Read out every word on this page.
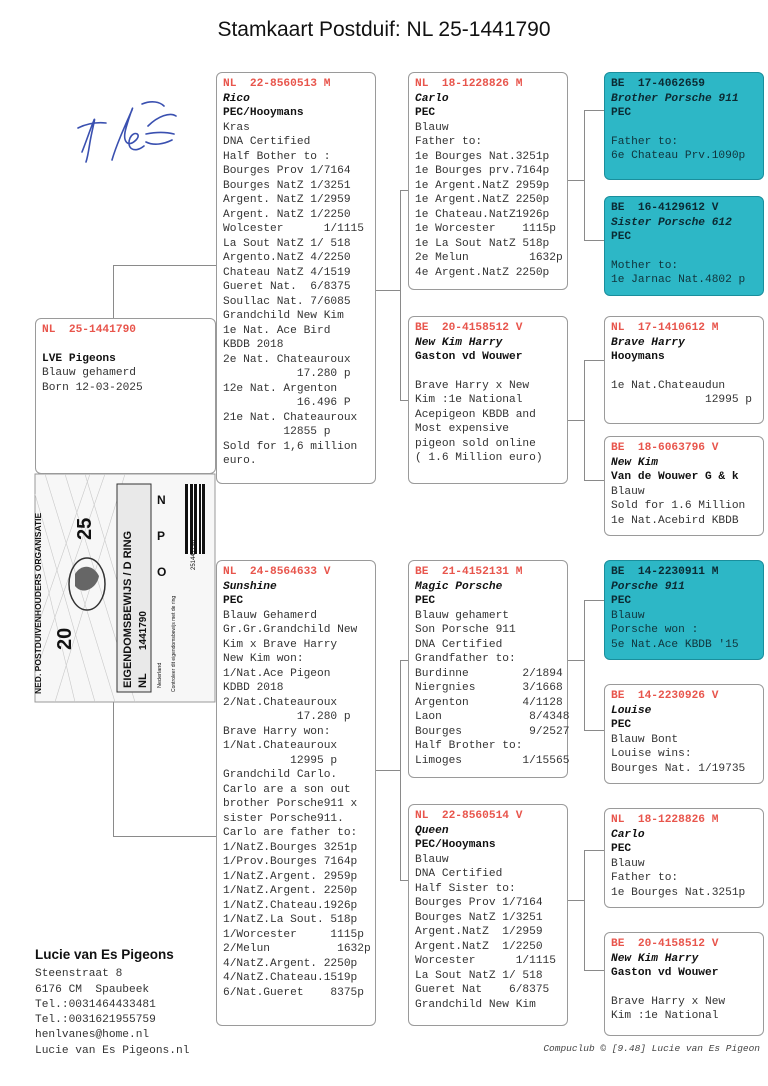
Stamkaart Postduif: NL 25-1441790
Lucie vE
NL  25-1441790
LVE Pigeons
Blauw gehamerd
Born 12-03-2025
NED. POSTDUIVENHOUDERS ORGANISATIE 20
25
EIGENDOMSBEWIJS / D RING NL
1441790
Nederland Controleer dit eigendomsbewijs met de ring
251441790
N
P
O
NL  22-8560513 M
Rico
PEC/Hooymans
Kras
DNA Certified
Half Bother to :
Bourges Prov 1/7164
Bourges NatZ 1/3251
Argent. NatZ 1/2959
Argent. NatZ 1/2250
Wolcester      1/1115
La Sout NatZ 1/ 518
Argento.NatZ 4/2250
Chateau NatZ 4/1519
Gueret Nat.  6/8375
Soullac Nat. 7/6085
Grandchild New Kim
1e Nat. Ace Bird
KBDB 2018
2e Nat. Chateauroux
17.280 p
12e Nat. Argenton
16.496 P
21e Nat. Chateauroux
12855 p
Sold for 1,6 million
euro.
NL  24-8564633 V
Sunshine
PEC
Blauw Gehamerd
Gr.Gr.Grandchild New
Kim x Brave Harry
New Kim won:
1/Nat.Ace Pigeon
KDBD 2018
2/Nat.Chateauroux
17.280 p
Brave Harry won:
1/Nat.Chateauroux
12995 p
Grandchild Carlo.
Carlo are a son out
brother Porsche911 x
sister Porsche911.
Carlo are father to:
1/NatZ.Bourges 3251p
1/Prov.Bourges 7164p
1/NatZ.Argent. 2959p
1/NatZ.Argent. 2250p
1/NatZ.Chateau.1926p
1/NatZ.La Sout. 518p
1/Worcester     1115p
2/Melun          1632p
4/NatZ.Argent. 2250p
4/NatZ.Chateau.1519p
6/Nat.Gueret    8375p
NL  18-1228826 M
Carlo
PEC
Blauw
Father to:
1e Bourges Nat.3251p
1e Bourges prv.7164p
1e Argent.NatZ 2959p
1e Argent.NatZ 2250p
1e Chateau.NatZ1926p
1e Worcester    1115p
1e La Sout NatZ 518p
2e Melun         1632p
4e Argent.NatZ 2250p
BE  20-4158512 V
New Kim Harry
Gaston vd Wouwer
Brave Harry x New
Kim :1e National
Acepigeon KBDB and
Most expensive
pigeon sold online
( 1.6 Million euro)
BE  21-4152131 M
Magic Porsche
PEC
Blauw gehamert
Son Porsche 911
DNA Certified
Grandfather to:
Burdinne        2/1894
Niergnies       3/1668
Argenton        4/1128
Laon             8/4348
Bourges          9/2527
Half Brother to:
Limoges         1/15565
NL  22-8560514 V
Queen
PEC/Hooymans
Blauw
DNA Certified
Half Sister to:
Bourges Prov 1/7164
Bourges NatZ 1/3251
Argent.NatZ  1/2959
Argent.NatZ  1/2250
Worcester      1/1115
La Sout NatZ 1/ 518
Gueret Nat    6/8375
Grandchild New Kim
BE  17-4062659
Brother Porsche 911
PEC
Father to:
6e Chateau Prv.1090p
BE  16-4129612 V
Sister Porsche 612
PEC
Mother to:
1e Jarnac Nat.4802 p
NL  17-1410612 M
Brave Harry
Hooymans
1e Nat.Chateaudun
12995 p
BE  18-6063796 V
New Kim
Van de Wouwer G & k
Blauw
Sold for 1.6 Million
1e Nat.Acebird KBDB
BE  14-2230911 M
Porsche 911
PEC
Blauw
Porsche won :
5e Nat.Ace KBDB '15
BE  14-2230926 V
Louise
PEC
Blauw Bont
Louise wins:
Bourges Nat. 1/19735
NL  18-1228826 M
Carlo
PEC
Blauw
Father to:
1e Bourges Nat.3251p
BE  20-4158512 V
New Kim Harry
Gaston vd Wouwer
Brave Harry x New
Kim :1e National
Lucie van Es Pigeons
Steenstraat 8
6176 CM  Spaubeek
Tel.:0031464433481
Tel.:0031621955759
henlvanes@home.nl
Lucie van Es Pigeons.nl	Compuclub © [9.48] Lucie van Es Pigeon
